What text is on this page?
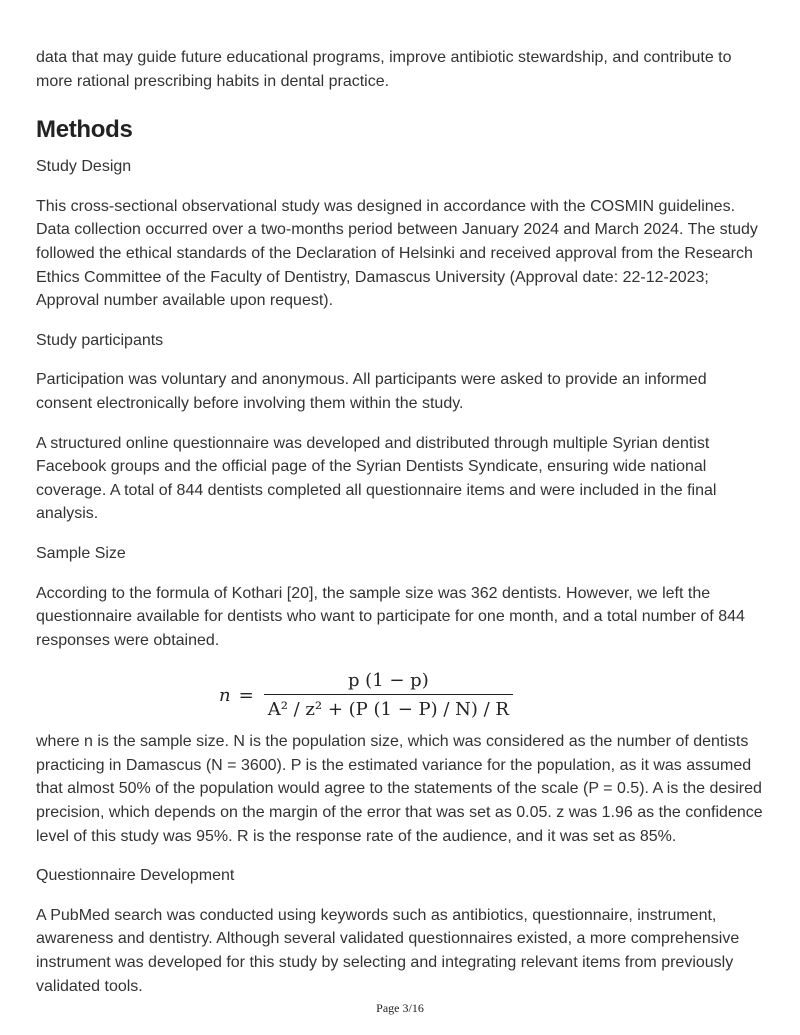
data that may guide future educational programs, improve antibiotic stewardship, and contribute to more rational prescribing habits in dental practice.

Methods

Study Design

This cross-sectional observational study was designed in accordance with the COSMIN guidelines. Data collection occurred over a two-months period between January 2024 and March 2024. The study followed the ethical standards of the Declaration of Helsinki and received approval from the Research Ethics Committee of the Faculty of Dentistry, Damascus University (Approval date: 22-12-2023; Approval number available upon request).

Study participants

Participation was voluntary and anonymous. All participants were asked to provide an informed consent electronically before involving them within the study.

A structured online questionnaire was developed and distributed through multiple Syrian dentist Facebook groups and the official page of the Syrian Dentists Syndicate, ensuring wide national coverage. A total of 844 dentists completed all questionnaire items and were included in the final analysis.

Sample Size

According to the formula of Kothari [20], the sample size was 362 dentists. However, we left the questionnaire available for dentists who want to participate for one month, and a total number of 844 responses were obtained.

$n = \frac{p (1 - p)}{\text{A² / z² + (P (1 − P) / N) / R}}$

where n is the sample size. N is the population size, which was considered as the number of dentists practicing in Damascus (N = 3600). P is the estimated variance for the population, as it was assumed that almost 50% of the population would agree to the statements of the scale (P = 0.5). A is the desired precision, which depends on the margin of the error that was set as 0.05. z was 1.96 as the confidence level of this study was 95%. R is the response rate of the audience, and it was set as 85%.

Questionnaire Development

A PubMed search was conducted using keywords such as antibiotics, questionnaire, instrument, awareness and dentistry. Although several validated questionnaires existed, a more comprehensive instrument was developed for this study by selecting and integrating relevant items from previously validated tools.

Page 3/16
